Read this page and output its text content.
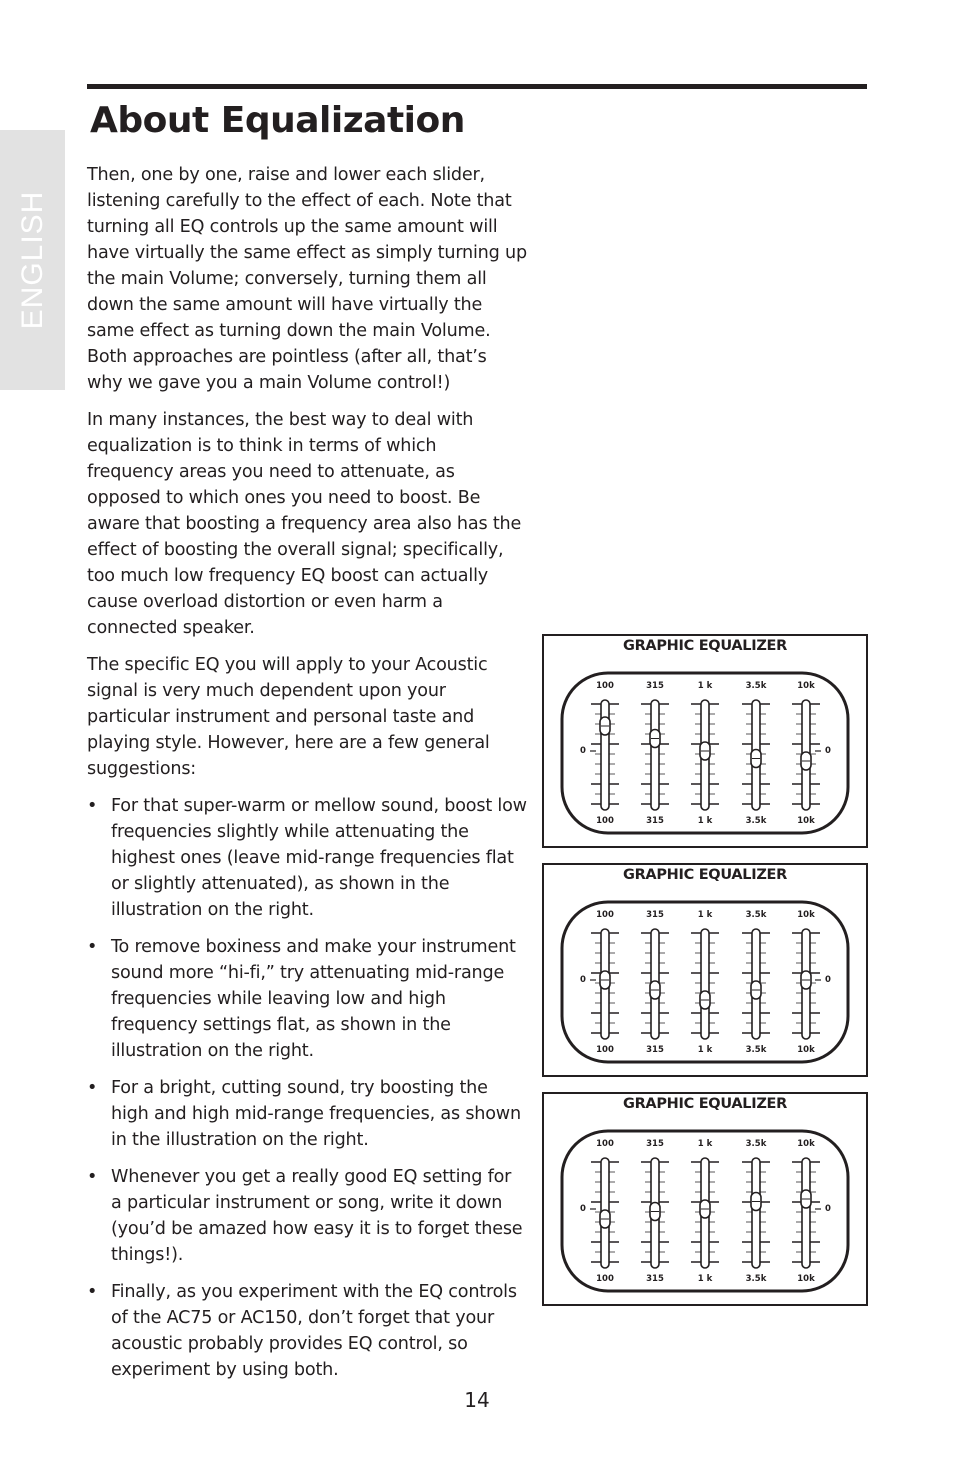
ENGLISH
About Equalization

Then, one by one, raise and lower each slider, listening carefully to the effect of each. Note that turning all EQ controls up the same amount will have virtually the same effect as simply turning up the main Volume; conversely, turning them all down the same amount will have virtually the same effect as turning down the main Volume. Both approaches are pointless (after all, that’s why we gave you a main Volume control!)

In many instances, the best way to deal with equalization is to think in terms of which frequency areas you need to attenuate, as opposed to which ones you need to boost. Be aware that boosting a frequency area also has the effect of boosting the overall signal; specifically, too much low frequency EQ boost can actually cause overload distortion or even harm a connected speaker.

The specific EQ you will apply to your Acoustic signal is very much dependent upon your particular instrument and personal taste and playing style. However, here are a few general suggestions:

• For that super-warm or mellow sound, boost low frequencies slightly while attenuating the highest ones (leave mid-range frequencies flat or slightly attenuated), as shown in the illustration on the right.
• To remove boxiness and make your instrument sound more “hi-fi,” try attenuating mid-range frequencies while leaving low and high frequency settings flat, as shown in the illustration on the right.
• For a bright, cutting sound, try boosting the high and high mid-range frequencies, as shown in the illustration on the right.
• Whenever you get a really good EQ setting for a particular instrument or song, write it down (you’d be amazed how easy it is to forget these things!).
• Finally, as you experiment with the EQ controls of the AC75 or AC150, don’t forget that your acoustic probably provides EQ control, so experiment by using both.
GRAPHIC EQUALIZER
100
100
315
315
1 k
1 k
3.5k
3.5k
10k
10k
0	0
GRAPHIC EQUALIZER
100
100
315
315
1 k
1 k
3.5k
3.5k
10k
10k
0	0
GRAPHIC EQUALIZER
100
100
315
315
1 k
1 k
3.5k
3.5k
10k
10k
0	0
14
